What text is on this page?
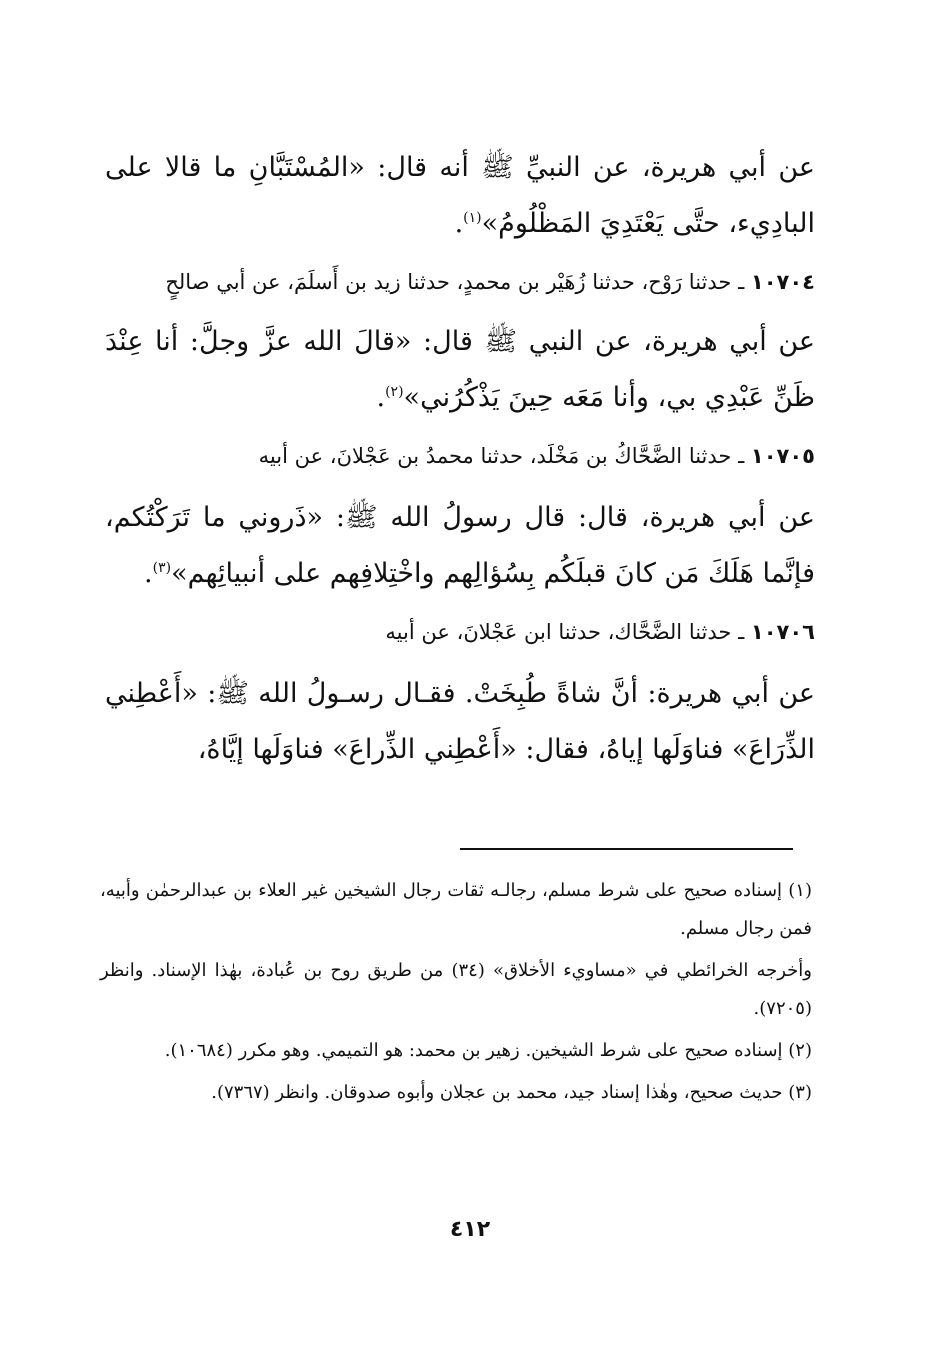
عن أبي هريرة، عن النبيِّ ﷺ أنه قال: «المُسْتَبَّانِ ما قالا على البادِيء، حتَّى يَعْتَدِيَ المَظْلُومُ»$^{(١)}$.

١٠٧٠٤ ـ حدثنا رَوْح، حدثنا زُهَيْر بن محمدٍ، حدثنا زيد بن أَسلَمَ، عن أبي صالحٍ

عن أبي هريرة، عن النبي ﷺ قال: «قالَ الله عزَّ وجلَّ: أنا عِنْدَ ظَنِّ عَبْدِي بي، وأنا مَعَه حِينَ يَذْكُرُني»$^{(٢)}$.

١٠٧٠٥ ـ حدثنا الضَّحَّاكُ بن مَخْلَد، حدثنا محمدُ بن عَجْلانَ، عن أبيه

عن أبي هريرة، قال: قال رسولُ الله ﷺ: «ذَروني ما تَرَكْتُكم، فإنَّما هَلَكَ مَن كانَ قبلَكُم بِسُؤالِهم واخْتِلافِهم على أنبيائِهم»$^{(٣)}$.

١٠٧٠٦ ـ حدثنا الضَّحَّاك، حدثنا ابن عَجْلانَ، عن أبيه

عن أبي هريرة: أنَّ شاةً طُبِخَتْ. فقـال رسـولُ الله ﷺ: «أَعْطِني الذِّرَاعَ» فناوَلَها إياهُ، فقال: «أَعْطِني الذِّراعَ» فناوَلَها إيَّاهُ،

(١) إسناده صحيح على شرط مسلم، رجالـه ثقات رجال الشيخين غير العلاء بن عبدالرحمٰن وأبيه، فمن رجال مسلم.

وأخرجه الخرائطي في «مساويء الأخلاق» (٣٤) من طريق روح بن عُبادة، بهٰذا الإسناد. وانظر (٧٢٠٥).

(٢) إسناده صحيح على شرط الشيخين. زهير بن محمد: هو التميمي. وهو مكرر (١٠٦٨٤).

(٣) حديث صحيح، وهٰذا إسناد جيد، محمد بن عجلان وأبوه صدوقان. وانظر (٧٣٦٧).

٤١٢
